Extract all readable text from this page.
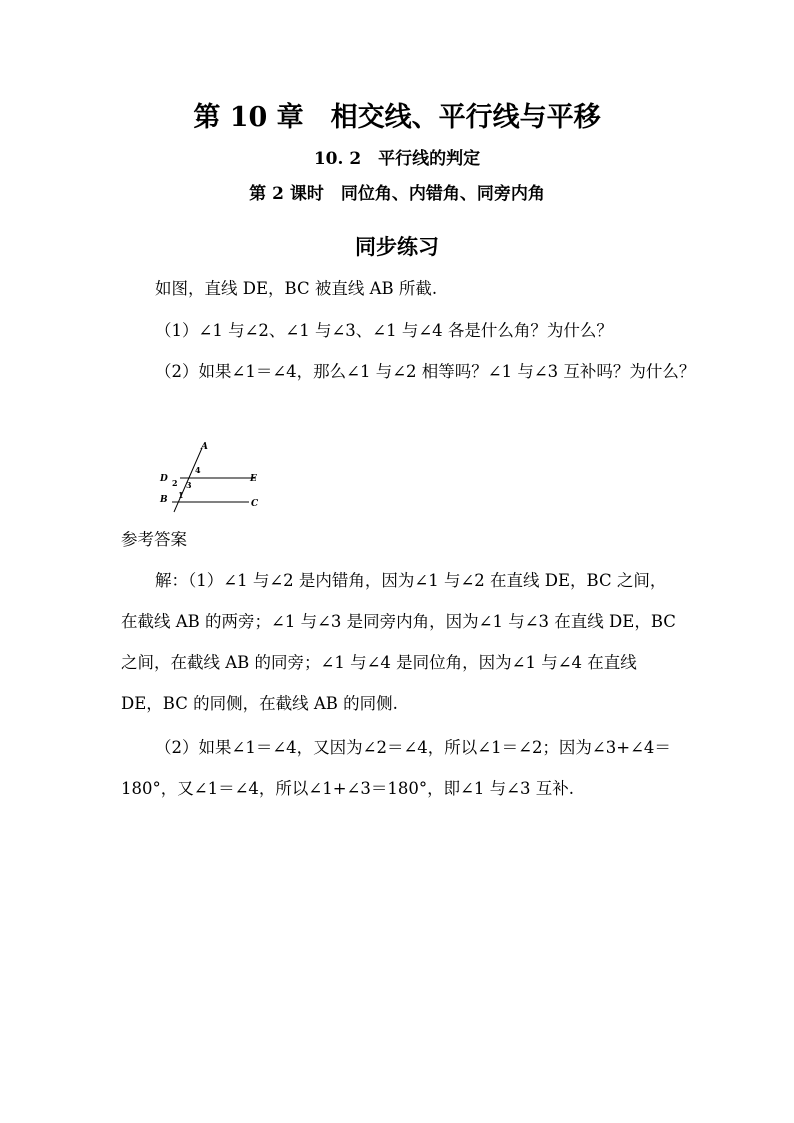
第 10 章　相交线、平行线与平移
10. 2　平行线的判定
第 2 课时　同位角、内错角、同旁内角
同步练习
如图，直线 DE，BC 被直线 AB 所截.
（1）∠1 与∠2、∠1 与∠3、∠1 与∠4 各是什么角？为什么？
（2）如果∠1＝∠4，那么∠1 与∠2 相等吗？∠1 与∠3 互补吗？为什么？
A
D	E
B	C
4
2 3
1
参考答案
解：（1）∠1 与∠2 是内错角，因为∠1 与∠2 在直线 DE，BC 之间，在截线 AB 的两旁；∠1 与∠3 是同旁内角，因为∠1 与∠3 在直线 DE，BC 之间，在截线 AB 的同旁；∠1 与∠4 是同位角，因为∠1 与∠4 在直线 DE，BC 的同侧，在截线 AB 的同侧.
（2）如果∠1＝∠4，又因为∠2＝∠4，所以∠1＝∠2；因为∠3+∠4＝180°，又∠1＝∠4，所以∠1+∠3＝180°，即∠1 与∠3 互补.
